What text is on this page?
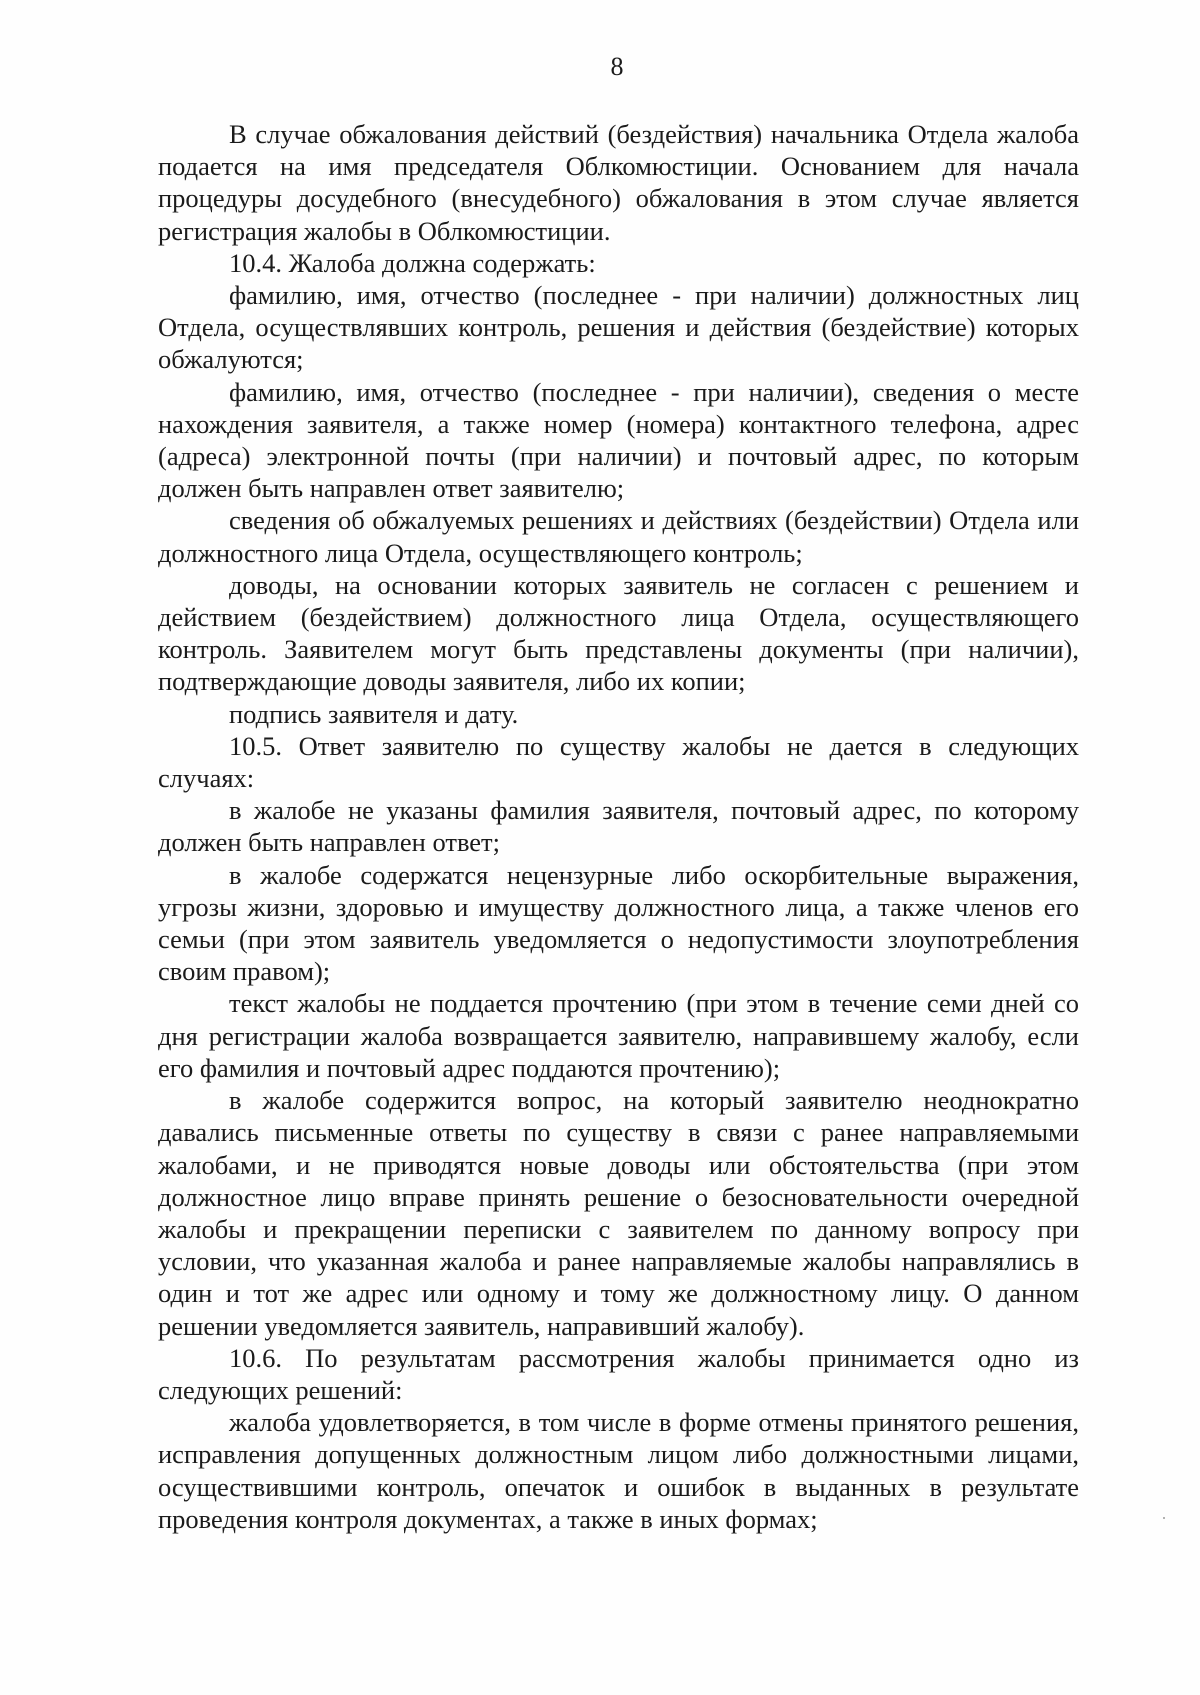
8

В случае обжалования действий (бездействия) начальника Отдела жалоба подается на имя председателя Облкомюстиции. Основанием для начала процедуры досудебного (внесудебного) обжалования в этом случае является регистрация жалобы в Облкомюстиции.

10.4. Жалоба должна содержать:

фамилию, имя, отчество (последнее - при наличии) должностных лиц Отдела, осуществлявших контроль, решения и действия (бездействие) которых обжалуются;

фамилию, имя, отчество (последнее - при наличии), сведения о месте нахождения заявителя, а также номер (номера) контактного телефона, адрес (адреса) электронной почты (при наличии) и почтовый адрес, по которым должен быть направлен ответ заявителю;

сведения об обжалуемых решениях и действиях (бездействии) Отдела или должностного лица Отдела, осуществляющего контроль;

доводы, на основании которых заявитель не согласен с решением и действием (бездействием) должностного лица Отдела, осуществляющего контроль. Заявителем могут быть представлены документы (при наличии), подтверждающие доводы заявителя, либо их копии;

подпись заявителя и дату.

10.5. Ответ заявителю по существу жалобы не дается в следующих случаях:

в жалобе не указаны фамилия заявителя, почтовый адрес, по которому должен быть направлен ответ;

в жалобе содержатся нецензурные либо оскорбительные выражения, угрозы жизни, здоровью и имуществу должностного лица, а также членов его семьи (при этом заявитель уведомляется о недопустимости злоупотребления своим правом);

текст жалобы не поддается прочтению (при этом в течение семи дней со дня регистрации жалоба возвращается заявителю, направившему жалобу, если его фамилия и почтовый адрес поддаются прочтению);

в жалобе содержится вопрос, на который заявителю неоднократно давались письменные ответы по существу в связи с ранее направляемыми жалобами, и не приводятся новые доводы или обстоятельства (при этом должностное лицо вправе принять решение о безосновательности очередной жалобы и прекращении переписки с заявителем по данному вопросу при условии, что указанная жалоба и ранее направляемые жалобы направлялись в один и тот же адрес или одному и тому же должностному лицу. О данном решении уведомляется заявитель, направивший жалобу).

10.6. По результатам рассмотрения жалобы принимается одно из следующих решений:

жалоба удовлетворяется, в том числе в форме отмены принятого решения, исправления допущенных должностным лицом либо должностными лицами, осуществившими контроль, опечаток и ошибок в выданных в результате проведения контроля документах, а также в иных формах;
